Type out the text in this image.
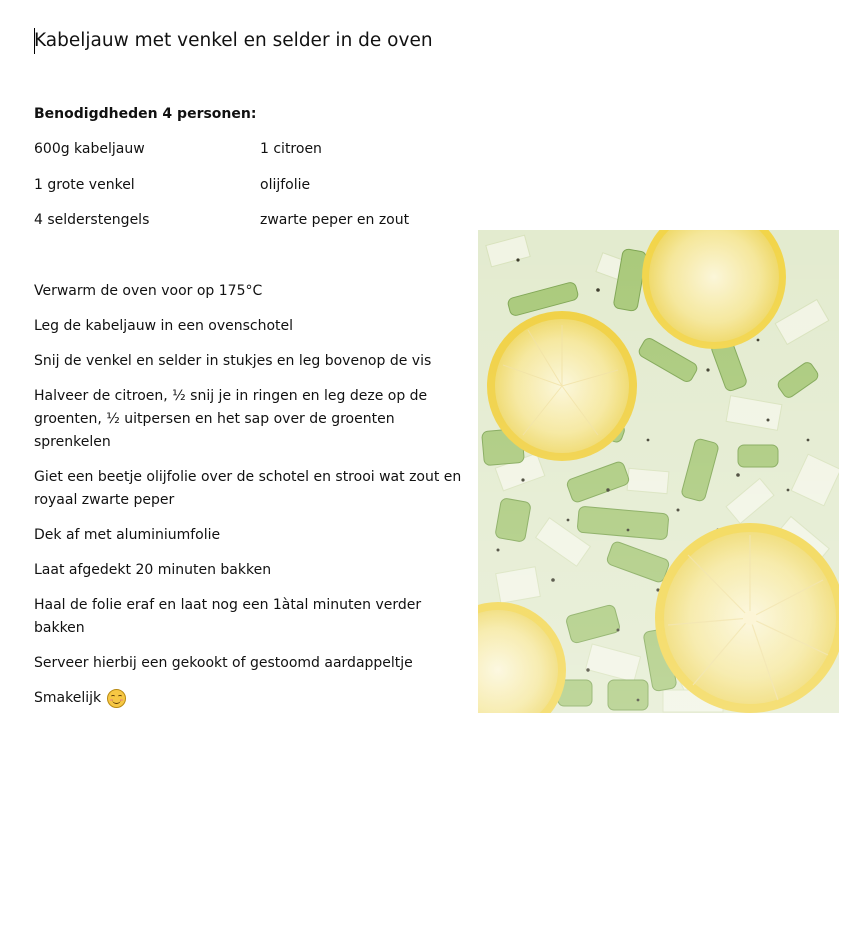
Kabeljauw met venkel en selder in de oven
Benodigdheden 4 personen:
600g kabeljauw	1 citroen
1 grote venkel	olijfolie
4 selderstengels	zwarte peper en zout

Verwarm de oven voor op 175°C

Leg de kabeljauw in een ovenschotel

Snij de venkel en selder in stukjes en leg bovenop de vis

Halveer de citroen, ½ snij je in ringen en leg deze op de groenten, ½ uitpersen en het sap over de groenten sprenkelen

Giet een beetje olijfolie over de schotel en strooi wat zout en royaal zwarte peper

Dek af met aluminiumfolie

Laat afgedekt 20 minuten bakken

Haal de folie eraf en laat nog een 1àtal minuten verder bakken

Serveer hierbij een gekookt of gestoomd aardappeltje

Smakelijk
